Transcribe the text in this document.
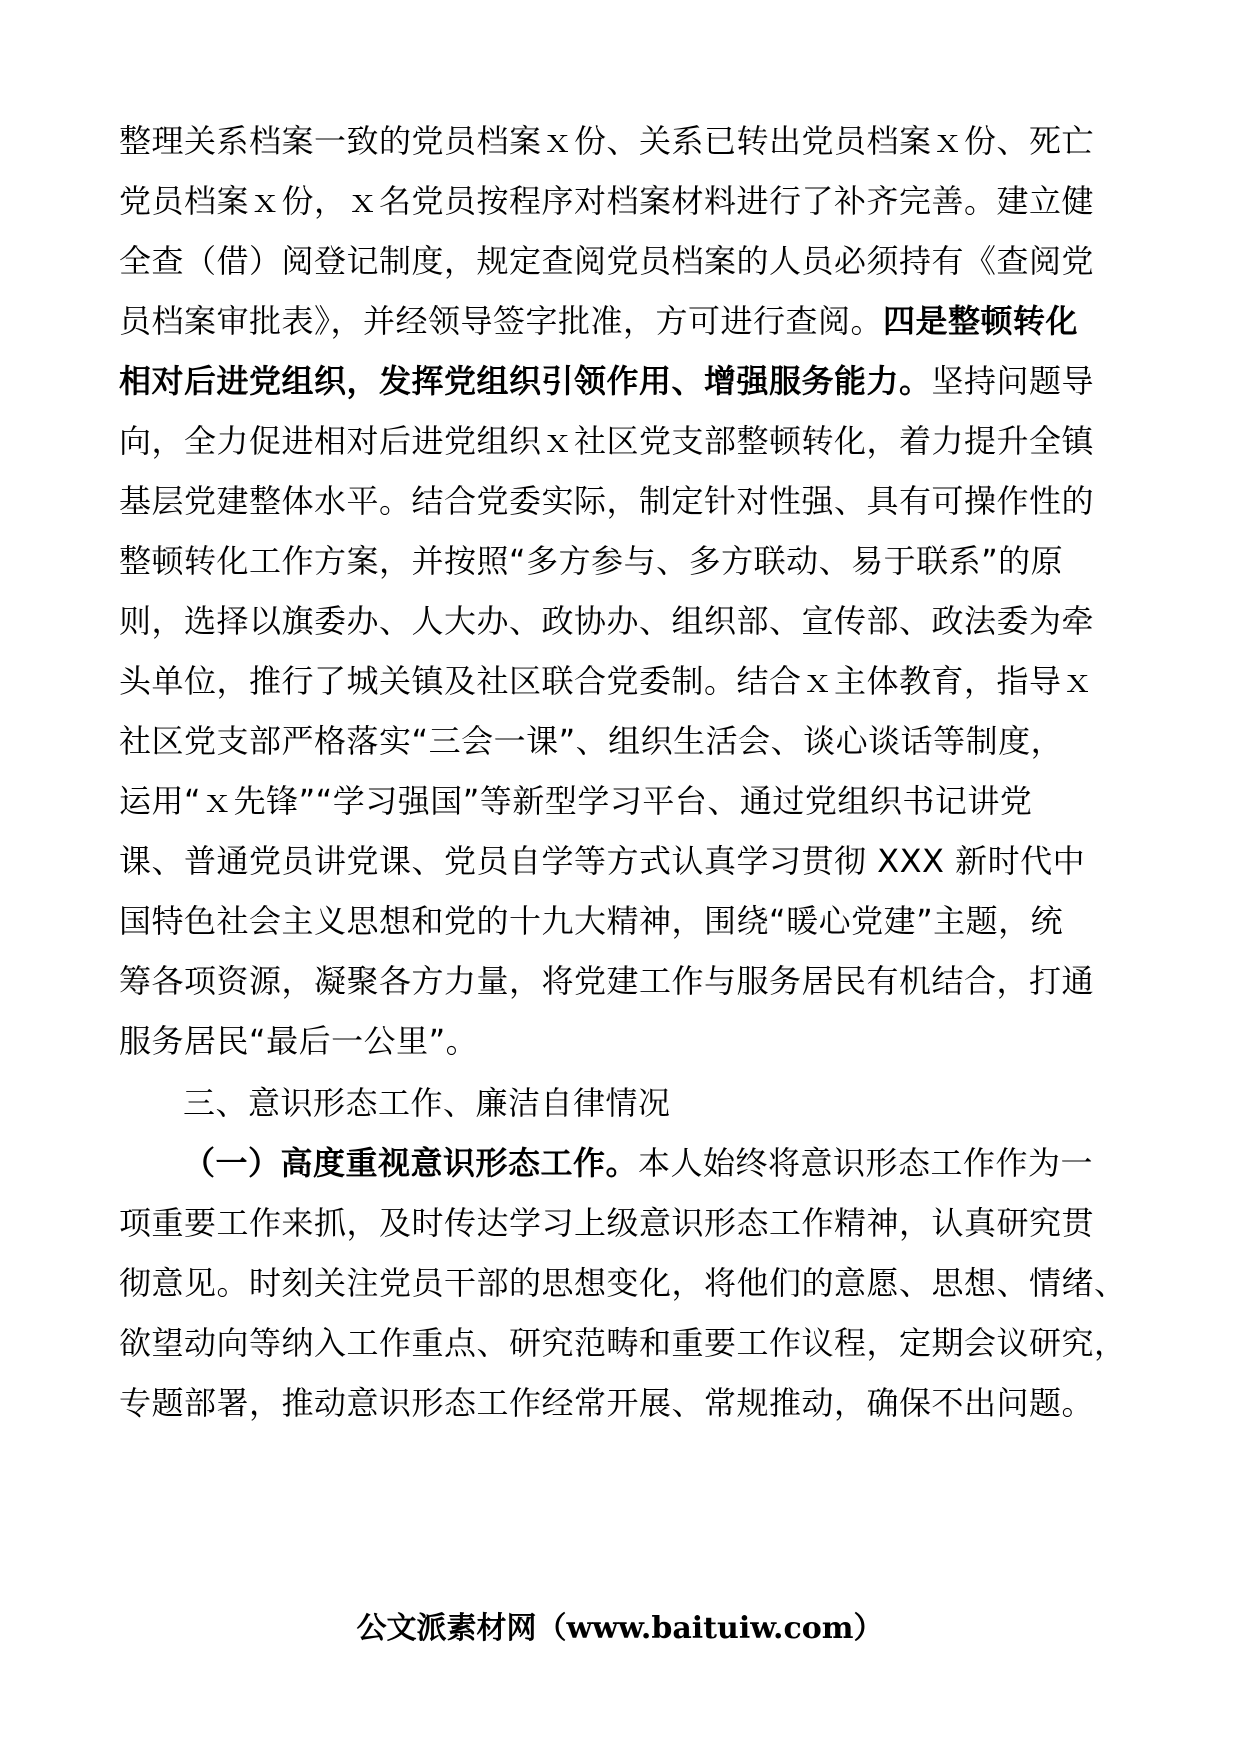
整理关系档案一致的党员档案ｘ份、关系已转出党员档案ｘ份、死亡
党员档案ｘ份，ｘ名党员按程序对档案材料进行了补齐完善。建立健
全查（借）阅登记制度，规定查阅党员档案的人员必须持有《查阅党
员档案审批表》，并经领导签字批准，方可进行查阅。四是整顿转化
相对后进党组织，发挥党组织引领作用、增强服务能力。坚持问题导
向，全力促进相对后进党组织ｘ社区党支部整顿转化，着力提升全镇
基层党建整体水平。结合党委实际，制定针对性强、具有可操作性的
整顿转化工作方案，并按照“多方参与、多方联动、易于联系”的原
则，选择以旗委办、人大办、政协办、组织部、宣传部、政法委为牵
头单位，推行了城关镇及社区联合党委制。结合ｘ主体教育，指导ｘ
社区党支部严格落实“三会一课”、组织生活会、谈心谈话等制度，
运用“ｘ先锋”“学习强国”等新型学习平台、通过党组织书记讲党
课、普通党员讲党课、党员自学等方式认真学习贯彻 XXX 新时代中
国特色社会主义思想和党的十九大精神，围绕“暖心党建”主题，统
筹各项资源，凝聚各方力量，将党建工作与服务居民有机结合，打通
服务居民“最后一公里”。
三、意识形态工作、廉洁自律情况
（一）高度重视意识形态工作。本人始终将意识形态工作作为一
项重要工作来抓，及时传达学习上级意识形态工作精神，认真研究贯
彻意见。时刻关注党员干部的思想变化，将他们的意愿、思想、情绪、
欲望动向等纳入工作重点、研究范畴和重要工作议程，定期会议研究，
专题部署，推动意识形态工作经常开展、常规推动，确保不出问题。
公文派素材网（www.baituiw.com）
